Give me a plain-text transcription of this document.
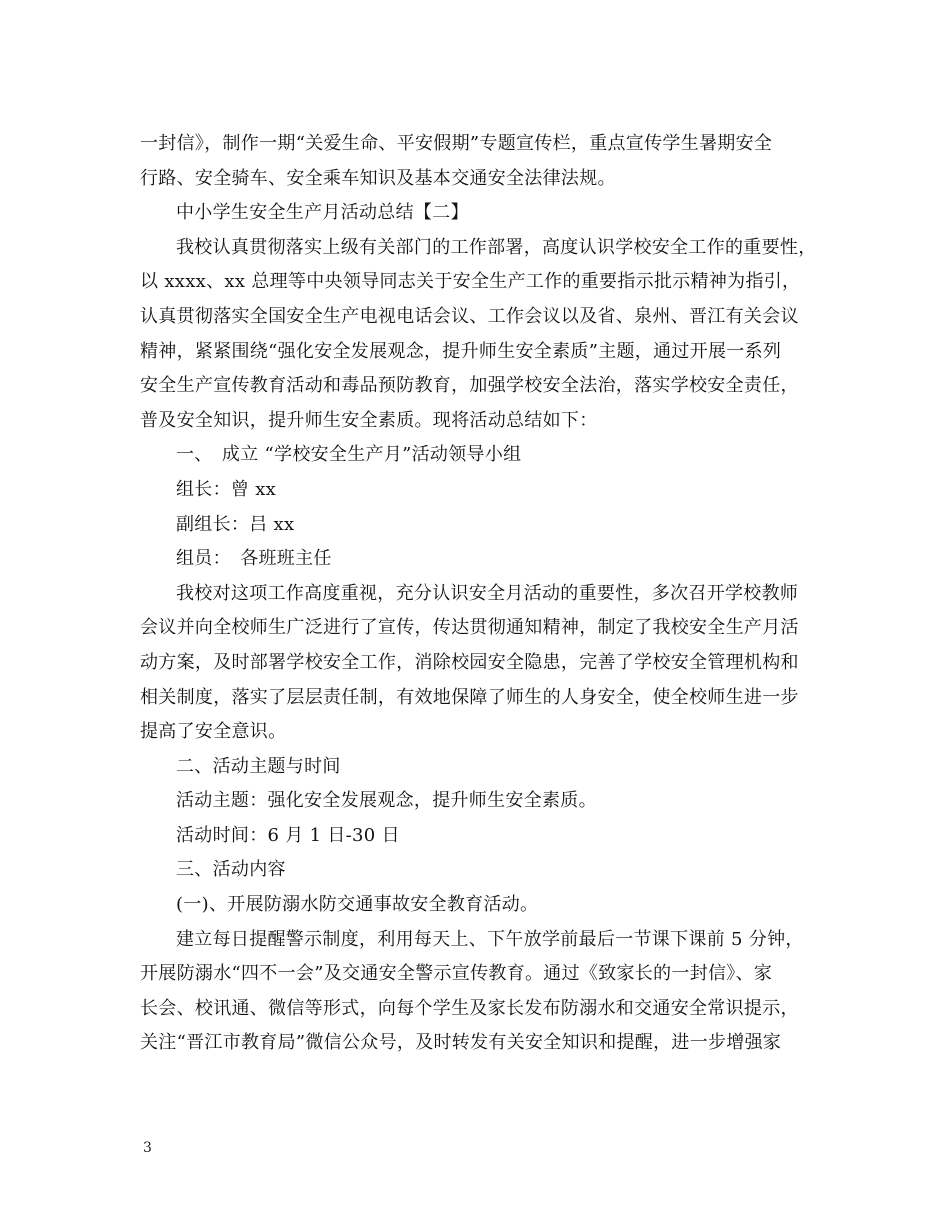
一封信》，制作一期“关爱生命、平安假期”专题宣传栏，重点宣传学生暑期安全
行路、安全骑车、安全乘车知识及基本交通安全法律法规。
中小学生安全生产月活动总结【二】
我校认真贯彻落实上级有关部门的工作部署，高度认识学校安全工作的重要性，
以 xxxx、xx 总理等中央领导同志关于安全生产工作的重要指示批示精神为指引，
认真贯彻落实全国安全生产电视电话会议、工作会议以及省、泉州、晋江有关会议
精神，紧紧围绕“强化安全发展观念，提升师生安全素质”主题，通过开展一系列
安全生产宣传教育活动和毒品预防教育，加强学校安全法治，落实学校安全责任，
普及安全知识，提升师生安全素质。现将活动总结如下：
一、　成立 “学校安全生产月”活动领导小组
组长：曾 xx
副组长：吕 xx
组员：　各班班主任
我校对这项工作高度重视，充分认识安全月活动的重要性，多次召开学校教师
会议并向全校师生广泛进行了宣传，传达贯彻通知精神，制定了我校安全生产月活
动方案，及时部署学校安全工作，消除校园安全隐患，完善了学校安全管理机构和
相关制度，落实了层层责任制，有效地保障了师生的人身安全，使全校师生进一步
提高了安全意识。
二、活动主题与时间
活动主题：强化安全发展观念，提升师生安全素质。
活动时间：6 月 1 日-30 日
三、活动内容
(一)、开展防溺水防交通事故安全教育活动。
建立每日提醒警示制度，利用每天上、下午放学前最后一节课下课前 5 分钟，
开展防溺水“四不一会”及交通安全警示宣传教育。通过《致家长的一封信》、家
长会、校讯通、微信等形式，向每个学生及家长发布防溺水和交通安全常识提示，
关注“晋江市教育局”微信公众号，及时转发有关安全知识和提醒，进一步增强家
3
